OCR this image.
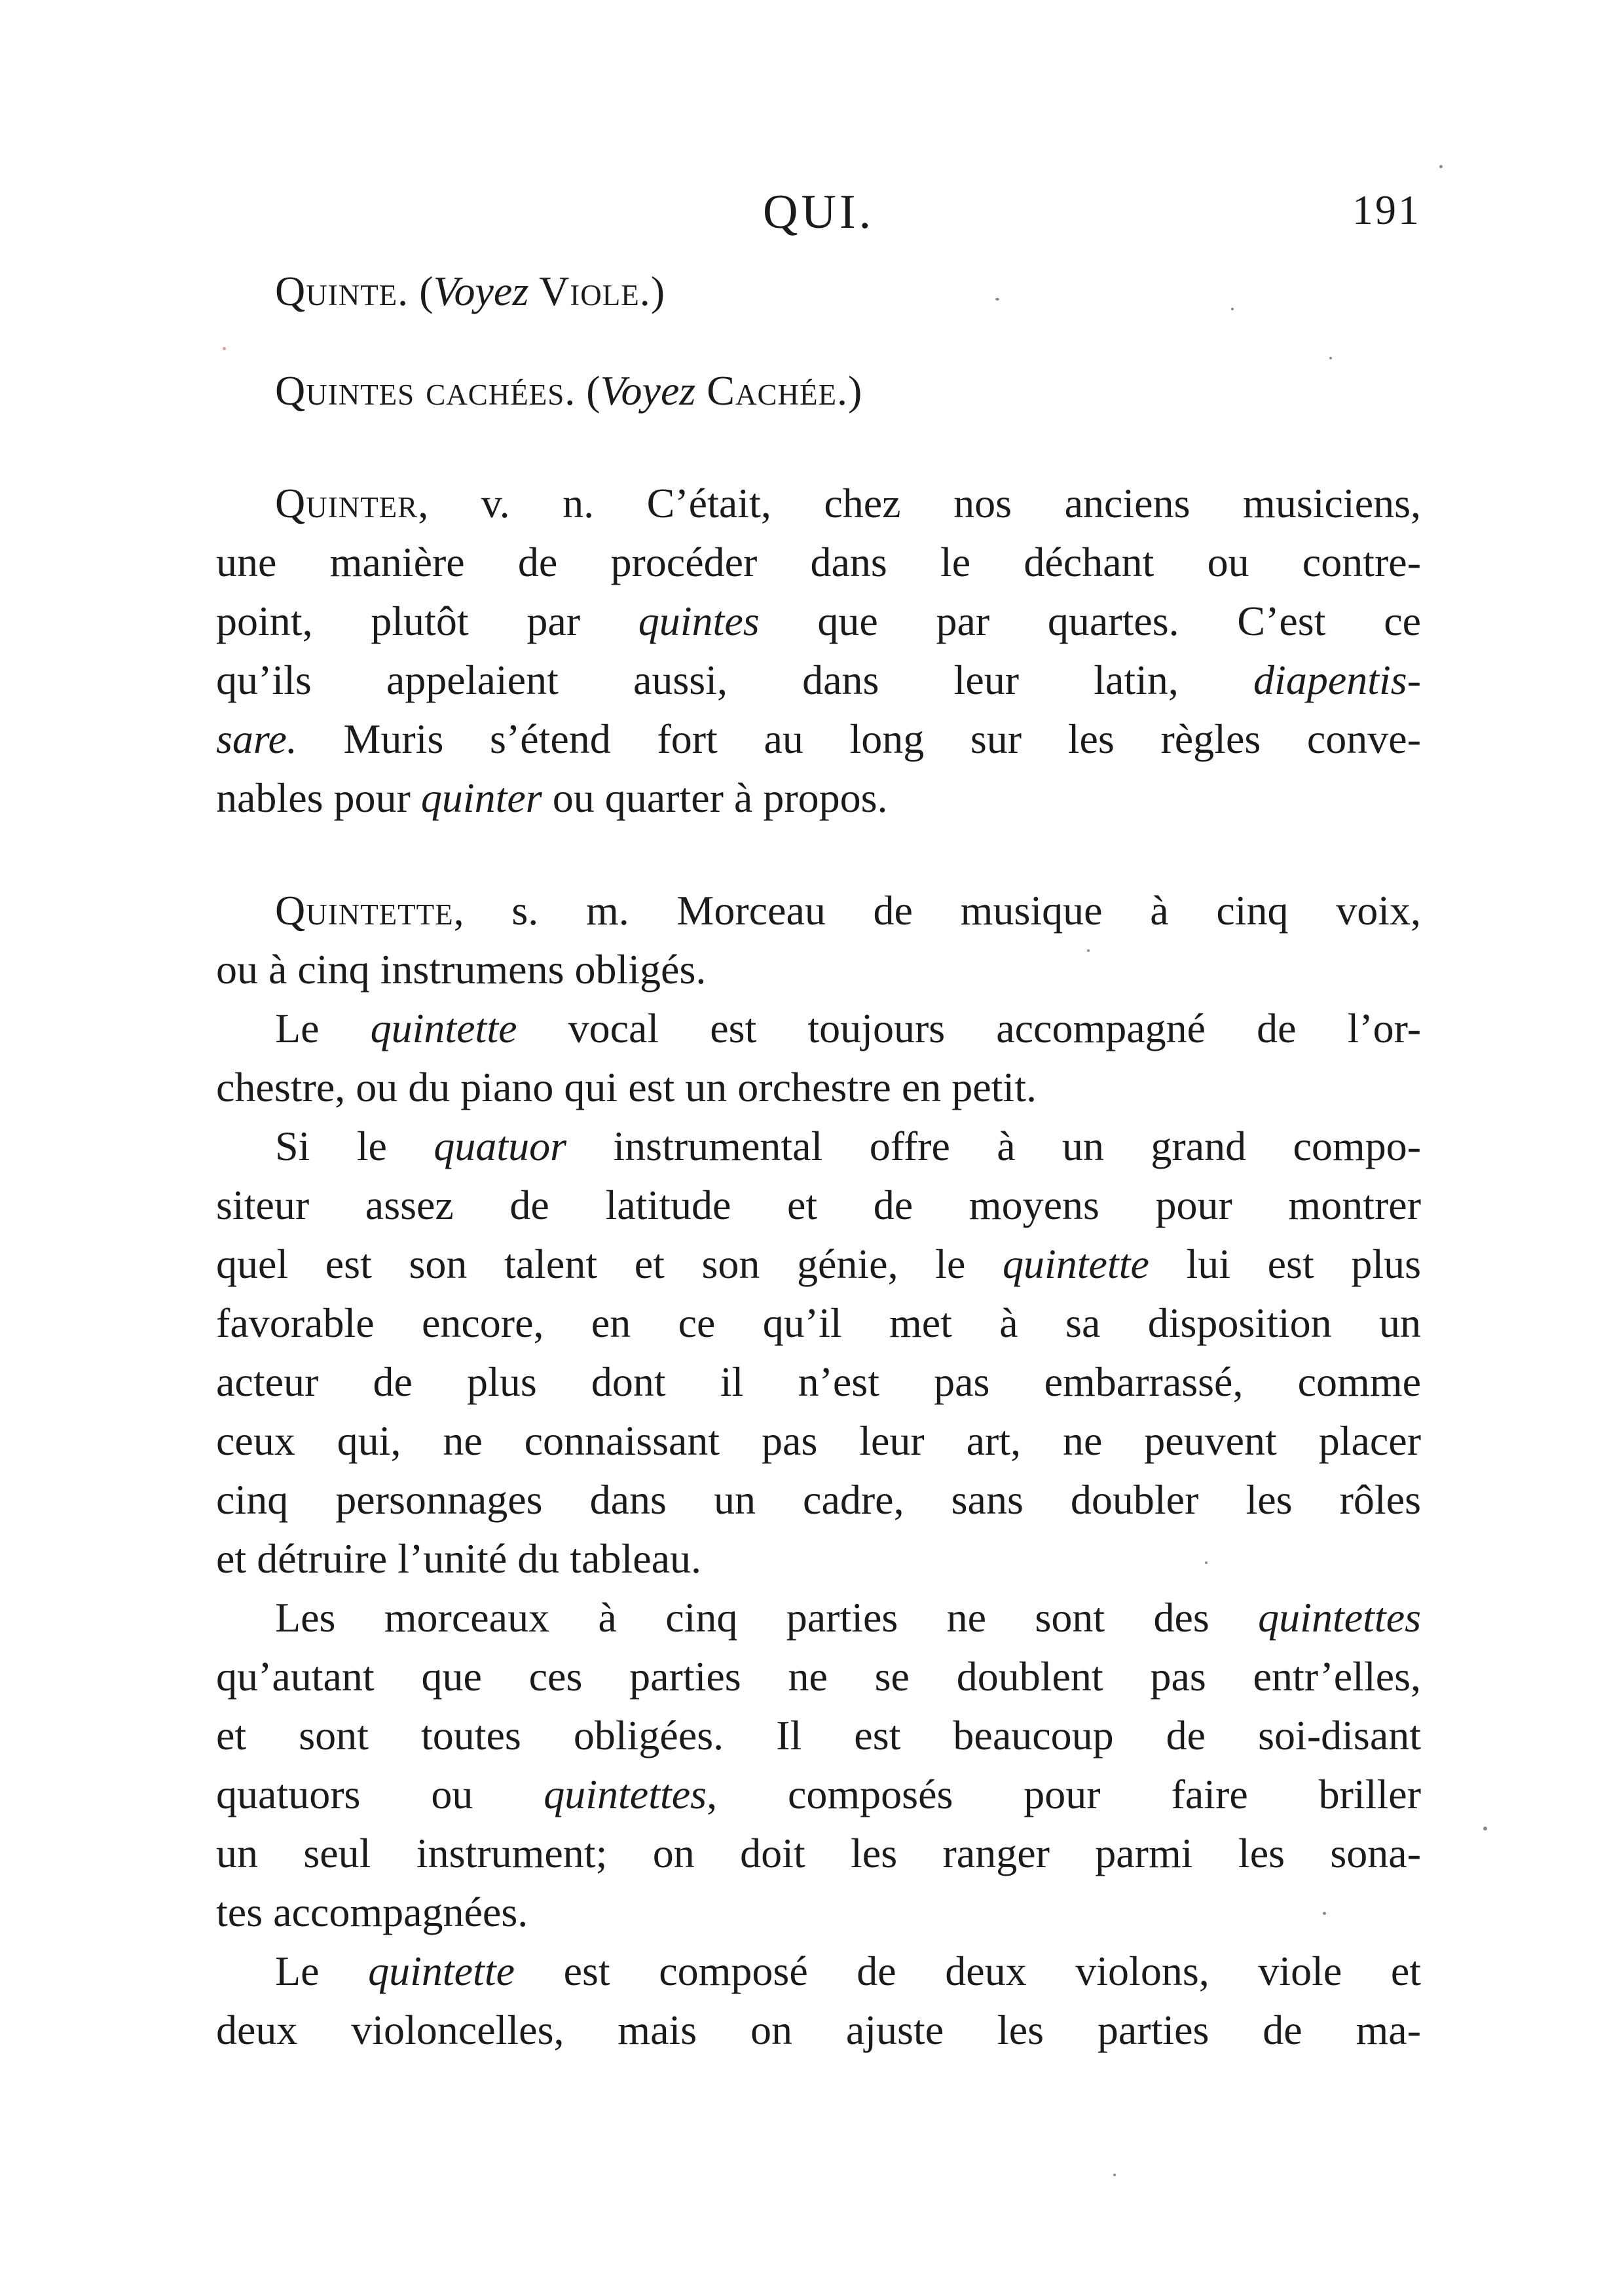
QUI.	191
Quinte. (Voyez Viole.)
Quintes cachées. (Voyez Cachée.)
Quinter, v. n. C’était, chez nos anciens musiciens,
une manière de procéder dans le déchant ou contre-
point, plutôt par quintes que par quartes. C’est ce
qu’ils appelaient aussi, dans leur latin, diapentis-
sare. Muris s’étend fort au long sur les règles conve-
nables pour quinter ou quarter à propos.
Quintette, s. m. Morceau de musique à cinq voix,
ou à cinq instrumens obligés.
Le quintette vocal est toujours accompagné de l’or-
chestre, ou du piano qui est un orchestre en petit.
Si le quatuor instrumental offre à un grand compo-
siteur assez de latitude et de moyens pour montrer
quel est son talent et son génie, le quintette lui est plus
favorable encore, en ce qu’il met à sa disposition un
acteur de plus dont il n’est pas embarrassé, comme
ceux qui, ne connaissant pas leur art, ne peuvent placer
cinq personnages dans un cadre, sans doubler les rôles
et détruire l’unité du tableau.
Les morceaux à cinq parties ne sont des quintettes
qu’autant que ces parties ne se doublent pas entr’elles,
et sont toutes obligées. Il est beaucoup de soi-disant
quatuors ou quintettes, composés pour faire briller
un seul instrument; on doit les ranger parmi les sona-
tes accompagnées.
Le quintette est composé de deux violons, viole et
deux violoncelles, mais on ajuste les parties de ma-
